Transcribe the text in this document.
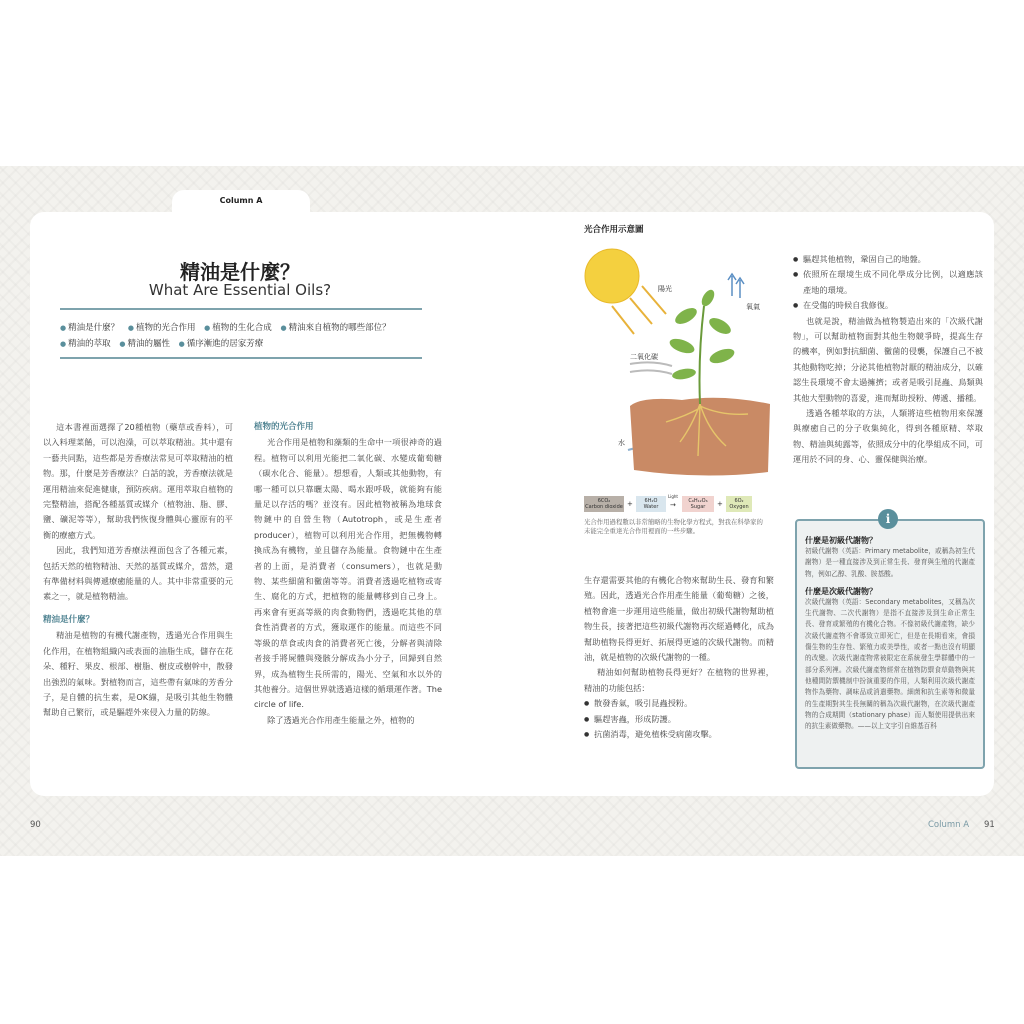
Column A
精油是什麼？
What Are Essential Oils?
● 精油是什麼？ ● 植物的光合作用 ● 植物的生化合成 ● 精油來自植物的哪些部位？
● 精油的萃取 ● 精油的屬性 ● 循序漸進的居家芳療

這本書裡面選擇了20種植物（藥草或香料），可以入料理菜餚，可以泡澡，可以萃取精油。其中還有一藝共同點，這些都是芳香療法常見可萃取精油的植物。那，什麼是芳香療法？白話的說，芳香療法就是運用精油來促進健康，預防疾病。運用萃取自植物的完整精油，搭配各種基質或媒介（植物油、脂、膠、鹽、礦泥等等），幫助我們恢復身體與心靈原有的平衡的療癒方式。

因此，我們知道芳香療法裡面包含了各種元素，包括天然的植物精油、天然的基質或媒介，當然，還有準備材料與傳遞療癒能量的人。其中非常重要的元素之一，就是植物精油。

精油是什麼？

精油是植物的有機代謝產物，透過光合作用與生化作用，在植物組織內或表面的油脂生成，儲存在花朵、種籽、果皮、根部、樹脂、樹皮或樹幹中，散發出強烈的氣味。對植物而言，這些帶有氣味的芳香分子，是自體的抗生素，是OK繃，是吸引其他生物體幫助自己繁衍，或是驅趕外來侵入力量的防線。

植物的光合作用

光合作用是植物和藻類的生命中一項很神奇的過程。植物可以利用光能把二氧化碳、水變成葡萄糖（碳水化合、能量）。想想看，人類或其他動物，有哪一種可以只靠曬太陽、喝水跟呼吸，就能夠有能量足以存活的嗎？並沒有。因此植物被稱為地球食物鏈中的自營生物（Autotroph，或是生產者producer），植物可以利用光合作用，把無機物轉換成為有機物，並且儲存為能量。食物鏈中在生產者的上面，是消費者（consumers），也就是動物、某些細菌和黴菌等等。消費者透過吃植物或寄生、腐化的方式，把植物的能量轉移到自己身上。再來會有更高等級的肉食動物們，透過吃其他的草食性消費者的方式，獲取運作的能量。而這些不同等級的草食或肉食的消費者死亡後，分解者與清除者接手將屍體與殘骸分解成為小分子，回歸到自然界，成為植物生長所需的，陽光、空氣和水以外的其他養分。這個世界就透過這樣的循環運作著。The circle of life.

除了透過光合作用產生能量之外，植物的

光合作用示意圖
陽光
氧氣
二氧化碳
水
6CO₂
Carbon dioxide +	6H₂O
Water
Light
→	C₆H₁₂O₆
Sugar	+	6O₂
Oxygen
光合作用過程數以非常簡略的生物化學方程式，對我在科學家的未能完全重達光合作用裡面的一些步驟。

生存還需要其他的有機化合物來幫助生長、發育和繁殖。因此，透過光合作用產生能量（葡萄糖）之後，植物會進一步運用這些能量，做出初級代謝物幫助植物生長，接著把這些初級代謝物再次經過轉化，成為幫助植物長得更好、拓展得更遠的次級代謝物。而精油，就是植物的次級代謝物的一種。

精油如何幫助植物長得更好？在植物的世界裡，精油的功能包括：

● 散發香氣，吸引昆蟲授粉。
● 驅趕害蟲，形成防護。
● 抗菌消毒，避免植株受病菌攻擊。
● 驅趕其他植物，鞏固自己的地盤。
● 依照所在環境生成不同化學成分比例，以適應該產地的環境。
● 在受傷的時候自我修復。

也就是說，精油做為植物製造出來的「次級代謝物」，可以幫助植物面對其他生物競爭時，提高生存的機率，例如對抗細菌、黴菌的侵襲，保護自己不被其他動物吃掉；分泌其他植物討厭的精油成分，以確認生長環境不會太過擁擠；或者是吸引昆蟲、鳥類與其他大型動物的喜愛，進而幫助授粉、傳遞、播種。

透過各種萃取的方法，人類將這些植物用來保護與療癒自己的分子收集純化，得到各種原精、萃取物、精油與純露等，依照成分中的化學組成不同，可運用於不同的身、心、靈保健與治療。

i
什麼是初級代謝物？

初級代謝物（英語：Primary metabolite，或稱為初生代謝物）是一種直接涉及到正常生長、發育與生殖的代謝產物，例如乙醇、乳酸、胺基酸。

什麼是次級代謝物？

次級代謝物（英語：Secondary metabolites，又稱為次生代謝物、二次代謝物）是指不直接涉及到生命正常生長、發育或繁殖的有機化合物。不像初級代謝產物，缺少次級代謝產物不會導致立即死亡，但是在長期看來，會損傷生物的生存性、繁殖力或美學性，或者一點也沒有明顯的改變。次級代謝產物常被限定在系統發生學群體中的一部分系列裡。次級代謝產物經常在植物防禦食草動物與其他種間防禦機制中扮演重要的作用，人類利用次級代謝產物作為藥物、調味品或消遣藥物。細菌和抗生素等和微量的生產期對其生長無關的稱為次級代謝物，在次級代謝產物的合成期間（stationary phase）而人類使用提供出來的抗生素做藥物。——以上文字引自維基百科

90	Column A 91
